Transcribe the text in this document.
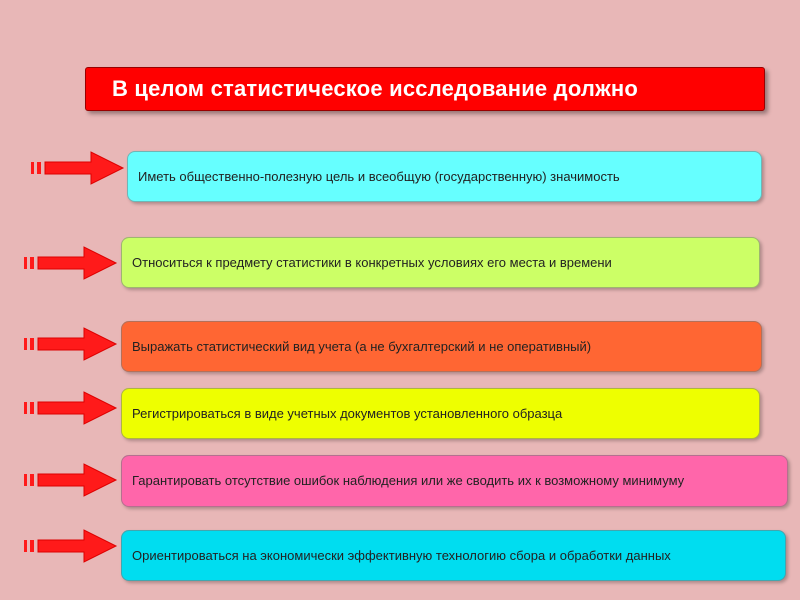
В целом статистическое исследование должно
Иметь общественно-полезную цель и всеобщую (государственную) значимость
Относиться к предмету статистики в конкретных условиях его места и времени
Выражать статистический вид учета (а не бухгалтерский и не оперативный)
Регистрироваться в виде учетных документов установленного образца
Гарантировать отсутствие ошибок наблюдения или же сводить их к возможному минимуму
Ориентироваться на экономически эффективную технологию сбора и обработки данных
